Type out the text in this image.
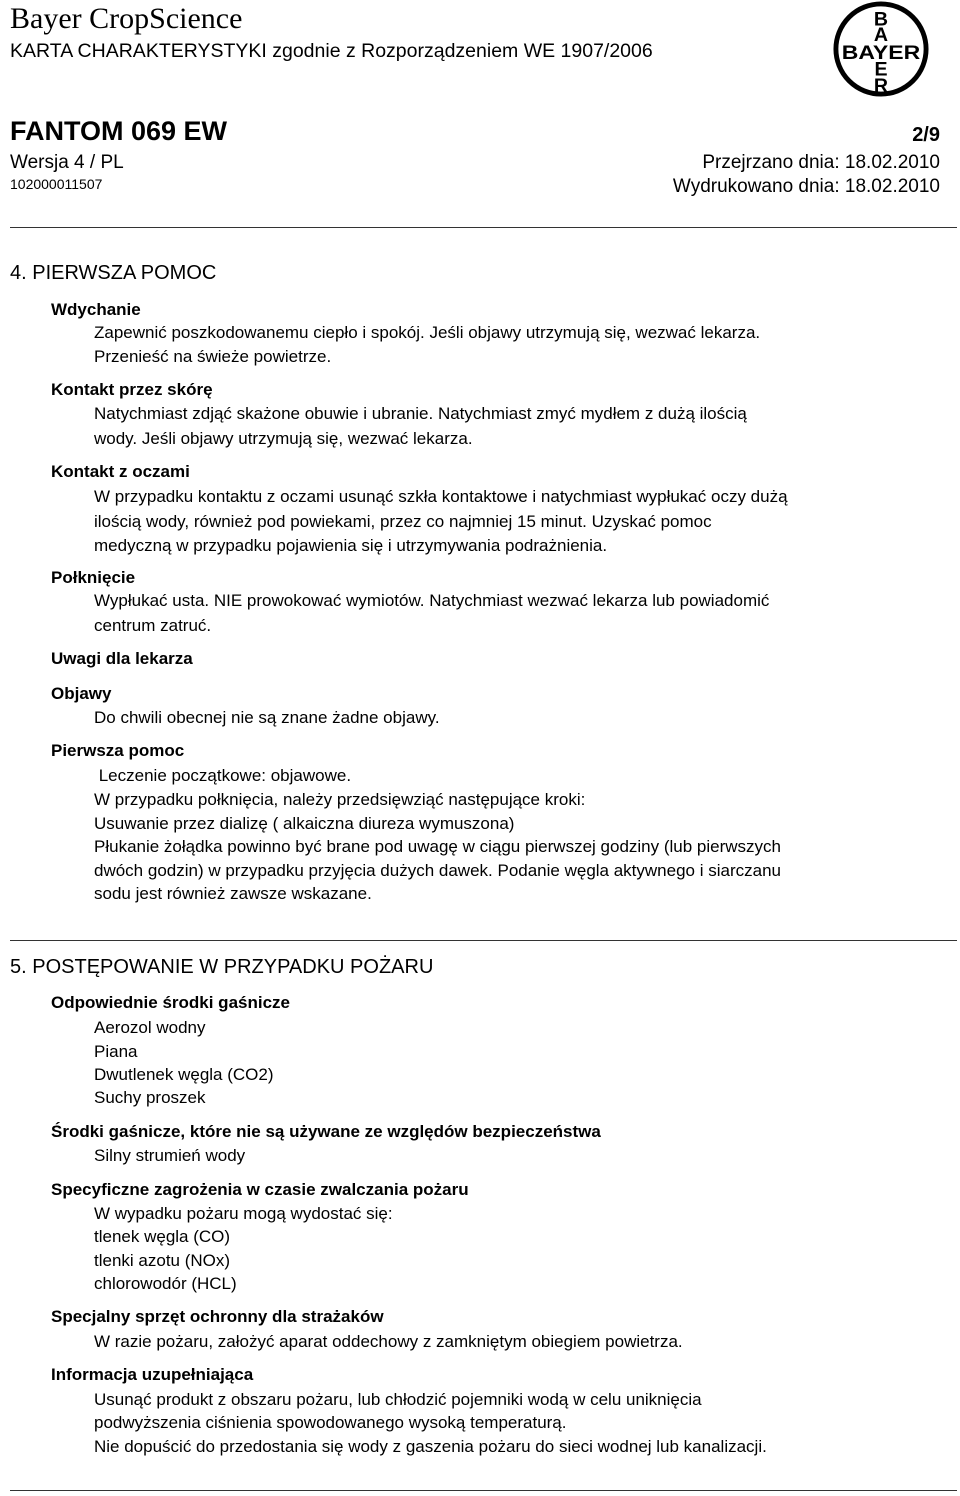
Bayer CropScience
KARTA CHARAKTERYSTYKI zgodnie z Rozporządzeniem WE 1907/2006
B
A
BAYER
E
R
FANTOM 069 EW	2/9
Wersja 4 / PL	Przejrzano dnia: 18.02.2010
102000011507	Wydrukowano dnia: 18.02.2010
4. PIERWSZA POMOC
Wdychanie
Zapewnić poszkodowanemu ciepło i spokój. Jeśli objawy utrzymują się, wezwać lekarza.
Przenieść na świeże powietrze.
Kontakt przez skórę
Natychmiast zdjąć skażone obuwie i ubranie. Natychmiast zmyć mydłem z dużą ilością
wody. Jeśli objawy utrzymują się, wezwać lekarza.
Kontakt z oczami
W przypadku kontaktu z oczami usunąć szkła kontaktowe i natychmiast wypłukać oczy dużą
ilością wody, również pod powiekami, przez co najmniej 15 minut. Uzyskać pomoc
medyczną w przypadku pojawienia się i utrzymywania podrażnienia.
Połknięcie
Wypłukać usta. NIE prowokować wymiotów. Natychmiast wezwać lekarza lub powiadomić
centrum zatruć.
Uwagi dla lekarza
Objawy
Do chwili obecnej nie są znane żadne objawy.
Pierwsza pomoc
Leczenie początkowe: objawowe.
W przypadku połknięcia, należy przedsięwziąć następujące kroki:
Usuwanie przez dializę ( alkaiczna diureza wymuszona)
Płukanie żołądka powinno być brane pod uwagę w ciągu pierwszej godziny (lub pierwszych
dwóch godzin) w przypadku przyjęcia dużych dawek. Podanie węgla aktywnego i siarczanu
sodu jest również zawsze wskazane.
5. POSTĘPOWANIE W PRZYPADKU POŻARU
Odpowiednie środki gaśnicze
Aerozol wodny
Piana
Dwutlenek węgla (CO2)
Suchy proszek
Środki gaśnicze, które nie są używane ze względów bezpieczeństwa
Silny strumień wody
Specyficzne zagrożenia w czasie zwalczania pożaru
W wypadku pożaru mogą wydostać się:
tlenek węgla (CO)
tlenki azotu (NOx)
chlorowodór (HCL)
Specjalny sprzęt ochronny dla strażaków
W razie pożaru, założyć aparat oddechowy z zamkniętym obiegiem powietrza.
Informacja uzupełniająca
Usunąć produkt z obszaru pożaru, lub chłodzić pojemniki wodą w celu uniknięcia
podwyższenia ciśnienia spowodowanego wysoką temperaturą.
Nie dopuścić do przedostania się wody z gaszenia pożaru do sieci wodnej lub kanalizacji.
